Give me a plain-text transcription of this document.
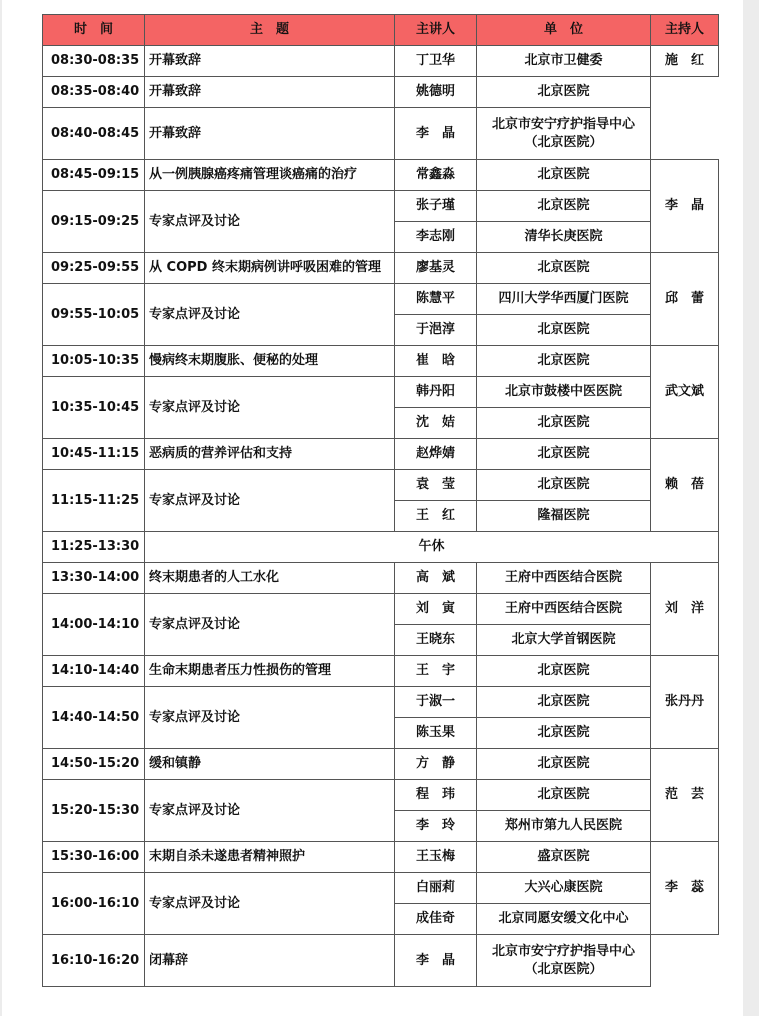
时　间	主　题	主讲人	单　位	主持人
08:30-08:35	开幕致辞	丁卫华	北京市卫健委	施　红
08:35-08:40	开幕致辞	姚德明	北京医院	
08:40-08:45	开幕致辞	李　晶	北京市安宁疗护指导中心
（北京医院）	
08:45-09:15	从一例胰腺癌疼痛管理谈癌痛的治疗	常鑫淼	北京医院	李　晶
09:15-09:25	专家点评及讨论	张子瑾	北京医院	
		李志刚	清华长庚医院	
09:25-09:55	从 COPD 终末期病例讲呼吸困难的管理	廖基灵	北京医院	邱　蕾
09:55-10:05	专家点评及讨论	陈慧平	四川大学华西厦门医院	
		于浥淳	北京医院	
10:05-10:35	慢病终末期腹胀、便秘的处理	崔　晗	北京医院	武文斌
10:35-10:45	专家点评及讨论	韩丹阳	北京市鼓楼中医医院	
		沈　姞	北京医院	
10:45-11:15	恶病质的营养评估和支持	赵烨婧	北京医院	赖　蓓
11:15-11:25	专家点评及讨论	袁　莹	北京医院	
		王　红	隆福医院	
11:25-13:30	午休			
13:30-14:00	终末期患者的人工水化	高　斌	王府中西医结合医院	刘　洋
14:00-14:10	专家点评及讨论	刘　寅	王府中西医结合医院	
		王晓东	北京大学首钢医院	
14:10-14:40	生命末期患者压力性损伤的管理	王　宇	北京医院	张丹丹
14:40-14:50	专家点评及讨论	于淑一	北京医院	
		陈玉果	北京医院	
14:50-15:20	缓和镇静	方　静	北京医院	范　芸
15:20-15:30	专家点评及讨论	程　玮	北京医院	
		李　玲	郑州市第九人民医院	
15:30-16:00	末期自杀未遂患者精神照护	王玉梅	盛京医院	李　蕊
16:00-16:10	专家点评及讨论	白丽莉	大兴心康医院	
		成佳奇	北京同愿安缓文化中心	
16:10-16:20	闭幕辞	李　晶	北京市安宁疗护指导中心
（北京医院）	
